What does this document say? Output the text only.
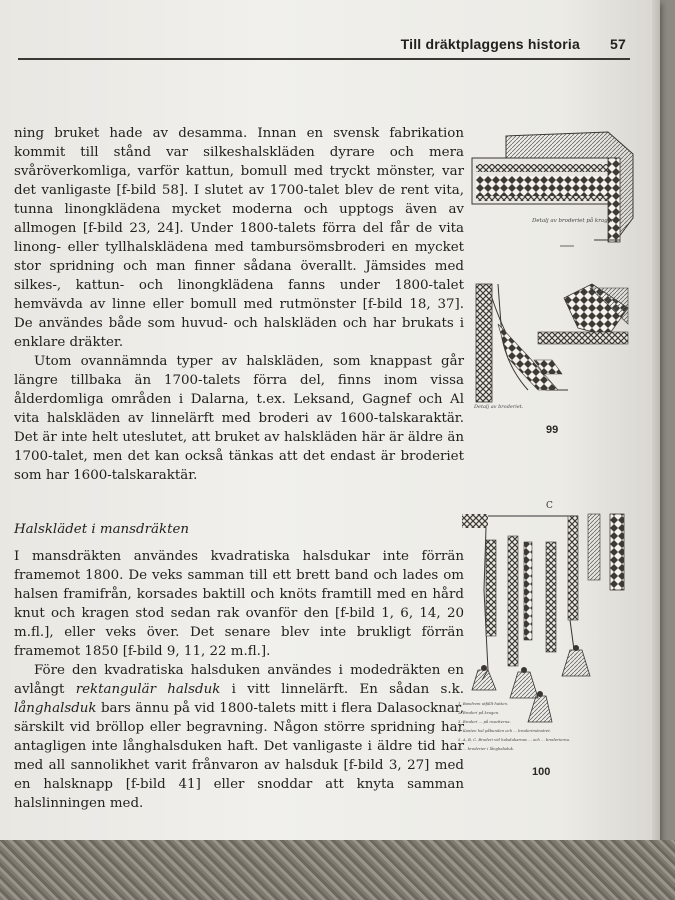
Till dräktplaggens historia 57

ning bruket hade av desamma. Innan en svensk fabrikation kommit till stånd var silkeshalskläden dyrare och mera svåröverkomliga, varför kattun, bomull med tryckt mönster, var det vanligaste [f-bild 58]. I slutet av 1700-talet blev de rent vita, tunna linongklädena mycket moderna och upptogs även av allmogen [f-bild 23, 24]. Under 1800-talets förra del får de vita linong- eller tyllhalsklädena med tambursömsbroderi en mycket stor spridning och man finner sådana överallt. Jämsides med silkes-, kattun- och linongklädena fanns under 1800-talet hemvävda av linne eller bomull med rutmönster [f-bild 18, 37]. De användes både som huvud- och halskläden och har brukats i enklare dräkter.

Utom ovannämnda typer av halskläden, som knappast går längre tillbaka än 1700-talets förra del, finns inom vissa ålderdomliga områden i Dalarna, t.ex. Leksand, Gagnef och Al vita halskläden av linnelärft med broderi av 1600-talskaraktär. Det är inte helt uteslutet, att bruket av halskläden här är äldre än 1700-talet, men det kan också tänkas att det endast är broderiet som har 1600-talskaraktär.

Halsklädet i mansdräkten

I mansdräkten användes kvadratiska halsdukar inte förrän framemot 1800. De veks samman till ett brett band och lades om halsen framifrån, korsades baktill och knöts framtill med en hård knut och kragen stod sedan rak ovanför den [f-bild 1, 6, 14, 20 m.fl.], eller veks över. Det senare blev inte brukligt förrän framemot 1850 [f-bild 9, 11, 22 m.fl.].

Före den kvadratiska halsduken användes i modedräkten en avlångt rektangulär halsduk i vitt linnelärft. En sådan s.k. långhalsduk bars ännu på vid 1800-talets mitt i flera Dalasocknar, särskilt vid bröllop eller begravning. Någon större spridning har antagligen inte långhalsduken haft. Det vanligaste i äldre tid har med all sannolikhet varit frånvaron av halsduk [f-bild 3, 27] med en halsknapp [f-bild 41] eller snoddar att knyta samman halslinningen med.

Detalj av broderiet på kragen.
Detalj av broderiet.
99
C
1. Bandrem utfällt hatten.
2. Broderi på kragen.
3. Broderi ... på rosetterna.
4. Kanten hal påbunden och ... broderimönstret.
5. A, B, C. Broderi vid halsdukarnas ... och ... broderierna.
6. ... broderier i långhalsduk.
100
